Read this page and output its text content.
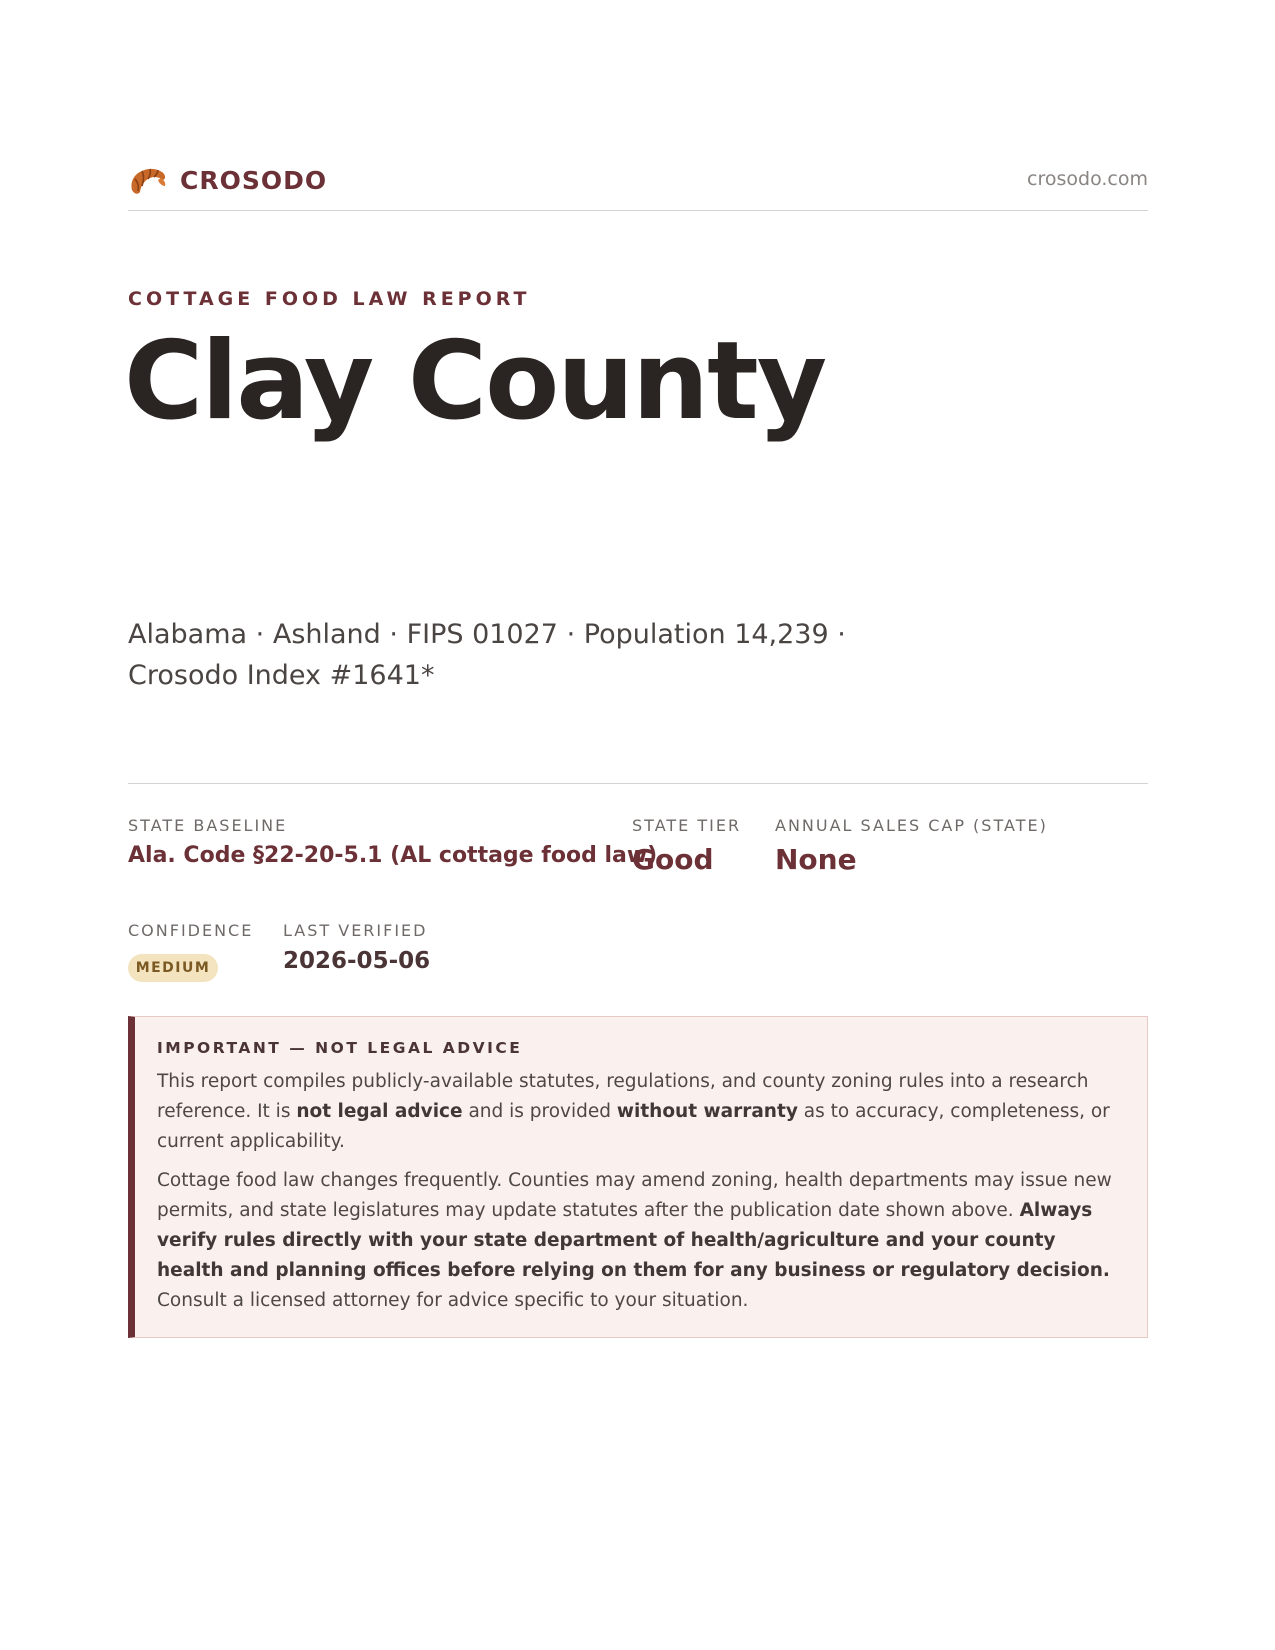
CROSODO	crosodo.com
COTTAGE FOOD LAW REPORT
Clay County
Alabama · Ashland · FIPS 01027 · Population 14,239 ·
Crosodo Index #1641*
STATE BASELINE
Ala. Code §22-20-5.1 (AL cottage food law)
STATE TIER
Good
ANNUAL SALES CAP (STATE)
None
CONFIDENCE
MEDIUM
LAST VERIFIED
2026-05-06
IMPORTANT — NOT LEGAL ADVICE

This report compiles publicly-available statutes, regulations, and county zoning rules into a research reference. It is not legal advice and is provided without warranty as to accuracy, completeness, or current applicability.

Cottage food law changes frequently. Counties may amend zoning, health departments may issue new permits, and state legislatures may update statutes after the publication date shown above. Always verify rules directly with your state department of health/agriculture and your county health and planning offices before relying on them for any business or regulatory decision. Consult a licensed attorney for advice specific to your situation.
